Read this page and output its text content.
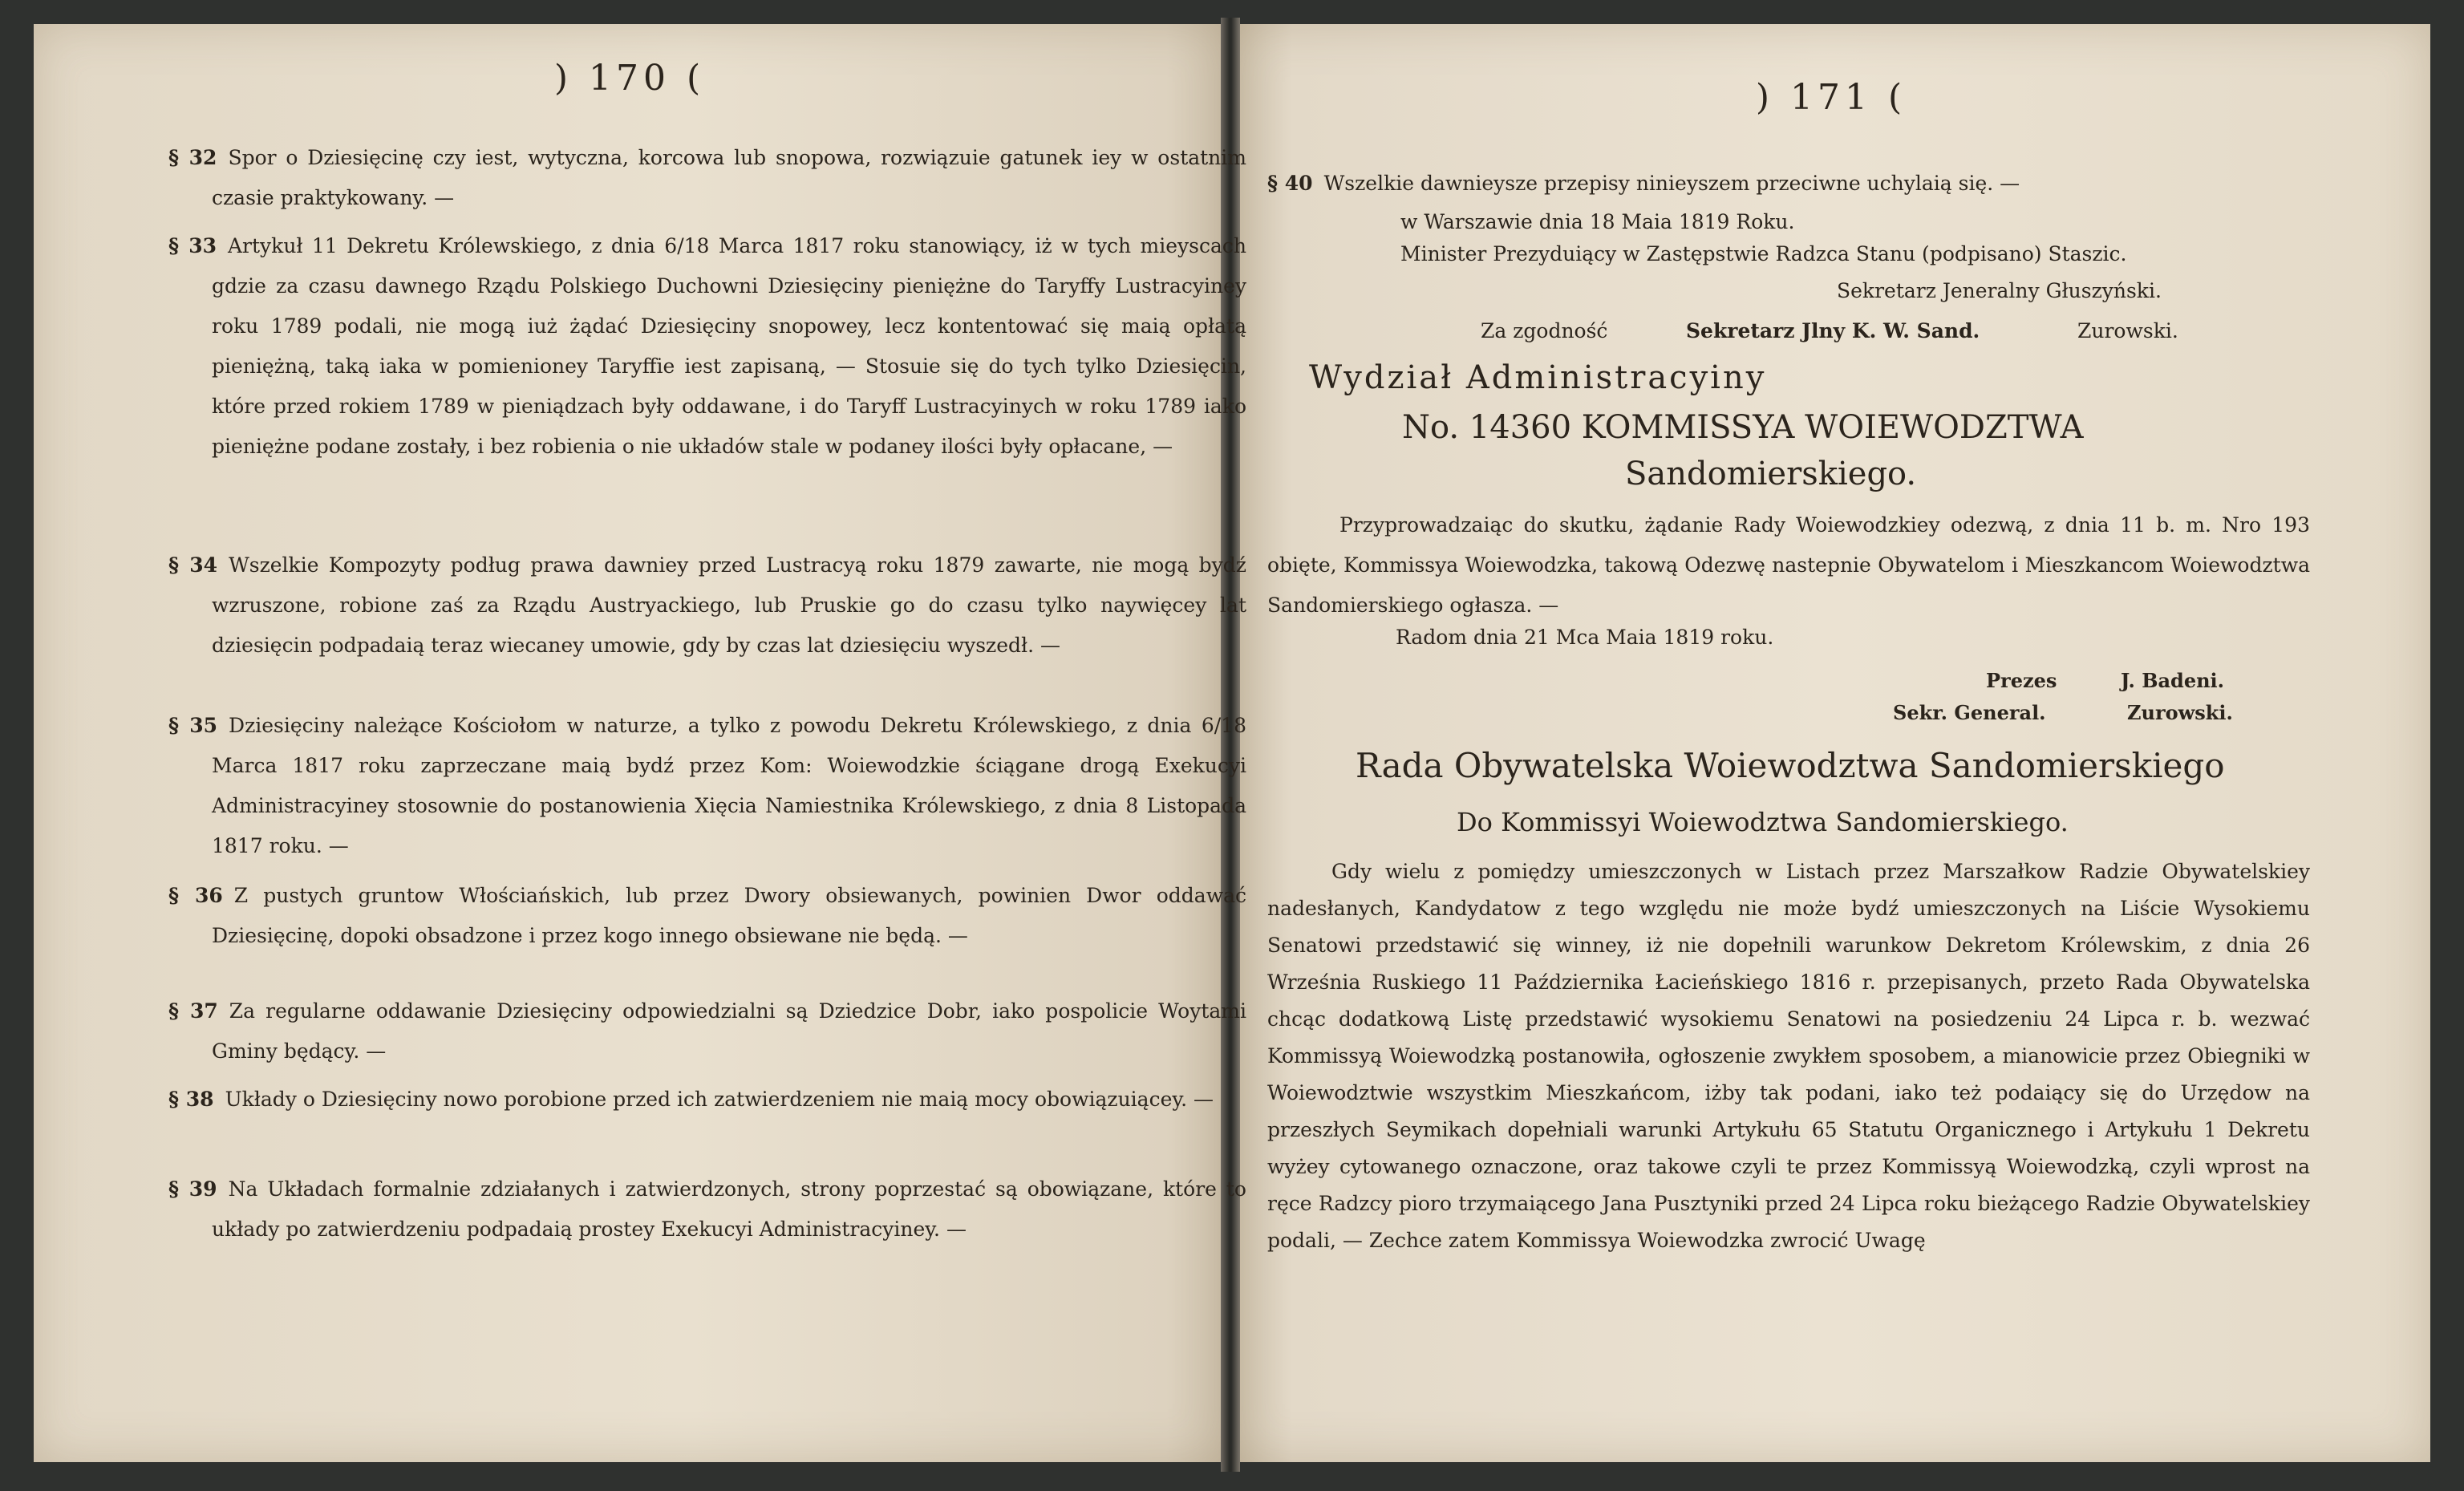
) 170 (
§ 32 Spor o Dziesięcinę czy iest, wytyczna, korcowa lub snopowa, rozwiązuie gatunek iey w ostatnim czasie praktykowany. —
§ 33 Artykuł 11 Dekretu Królewskiego, z dnia 6/18 Marca 1817 roku stanowiący, iż w tych mieyscach gdzie za czasu dawnego Rządu Polskiego Duchowni Dziesięciny pieniężne do Taryffy Lustracyiney roku 1789 podali, nie mogą iuż żądać Dziesięciny snopowey, lecz kontentować się maią opłatą pieniężną, taką iaka w pomienioney Taryffie iest zapisaną, — Stosuie się do tych tylko Dziesięcin, które przed rokiem 1789 w pieniądzach były oddawane, i do Taryff Lustracyinych w roku 1789 iako pieniężne podane zostały, i bez robienia o nie układów stale w podaney ilości były opłacane, —
§ 34 Wszelkie Kompozyty podług prawa dawniey przed Lustracyą roku 1879 zawarte, nie mogą bydź wzruszone, robione zaś za Rządu Austryackiego, lub Pruskie go do czasu tylko naywięcey lat dziesięcin podpadaią teraz wiecaney umowie, gdy by czas lat dziesięciu wyszedł. —
§ 35 Dziesięciny należące Kościołom w naturze, a tylko z powodu Dekretu Królewskiego, z dnia 6/18 Marca 1817 roku zaprzeczane maią bydź przez Kom: Woiewodzkie ściągane drogą Exekucyi Administracyiney stosownie do postanowienia Xięcia Namiestnika Królewskiego, z dnia 8 Listopada 1817 roku. —
§ 36 Z pustych gruntow Włościańskich, lub przez Dwory obsiewanych, powinien Dwor oddawać Dziesięcinę, dopoki obsadzone i przez kogo innego obsiewane nie będą. —
§ 37 Za regularne oddawanie Dziesięciny odpowiedzialni są Dziedzice Dobr, iako pospolicie Woytami Gminy będący. —
§ 38 Układy o Dziesięciny nowo porobione przed ich zatwierdzeniem nie maią mocy obowiązuiącey. —
§ 39 Na Układach formalnie zdziałanych i zatwierdzonych, strony poprzestać są obowiązane, które to układy po zatwierdzeniu podpadaią prostey Exekucyi Administracyiney. —
) 171 (
§ 40 Wszelkie dawnieysze przepisy ninieyszem przeciwne uchylaią się. —
w Warszawie dnia 18 Maia 1819 Roku.
Minister Prezyduiący w Zastępstwie Radzca Stanu (podpisano) Staszic.
Sekretarz Jeneralny Głuszyński.
Za zgodność	Sekretarz Jlny K. W. Sand.	Zurowski.
Wydział Administracyiny
No. 14360 KOMMISSYA WOIEWODZTWA
Sandomierskiego.
Przyprowadzaiąc do skutku, żądanie Rady Woiewodzkiey odezwą, z dnia 11 b. m. Nro 193 obięte, Kommissya Woiewodzka, takową Odezwę nastepnie Obywatelom i Mieszkancom Woiewodztwa Sandomierskiego ogłasza. —
Radom dnia 21 Mca Maia 1819 roku.
Prezes	J. Badeni.
Sekr. General.	Zurowski.
Rada Obywatelska Woiewodztwa Sandomierskiego
Do Kommissyi Woiewodztwa Sandomierskiego.
Gdy wielu z pomiędzy umieszczonych w Listach przez Marszałkow Radzie Obywatelskiey nadesłanych, Kandydatow z tego względu nie może bydź umieszczonych na Liście Wysokiemu Senatowi przedstawić się winney, iż nie dopełnili warunkow Dekretom Królewskim, z dnia 26 Września Ruskiego 11 Października Łacieńskiego 1816 r. przepisanych, przeto Rada Obywatelska chcąc dodatkową Listę przedstawić wysokiemu Senatowi na posiedzeniu 24 Lipca r. b. wezwać Kommissyą Woiewodzką postanowiła, ogłoszenie zwykłem sposobem, a mianowicie przez Obiegniki w Woiewodztwie wszystkim Mieszkańcom, iżby tak podani, iako też podaiący się do Urzędow na przeszłych Seymikach dopełniali warunki Artykułu 65 Statutu Organicznego i Artykułu 1 Dekretu wyżey cytowanego oznaczone, oraz takowe czyli te przez Kommissyą Woiewodzką, czyli wprost na ręce Radzcy pioro trzymaiącego Jana Pusztyniki przed 24 Lipca roku bieżącego Radzie Obywatelskiey podali, — Zechce zatem Kommissya Woiewodzka zwrocić Uwagę
